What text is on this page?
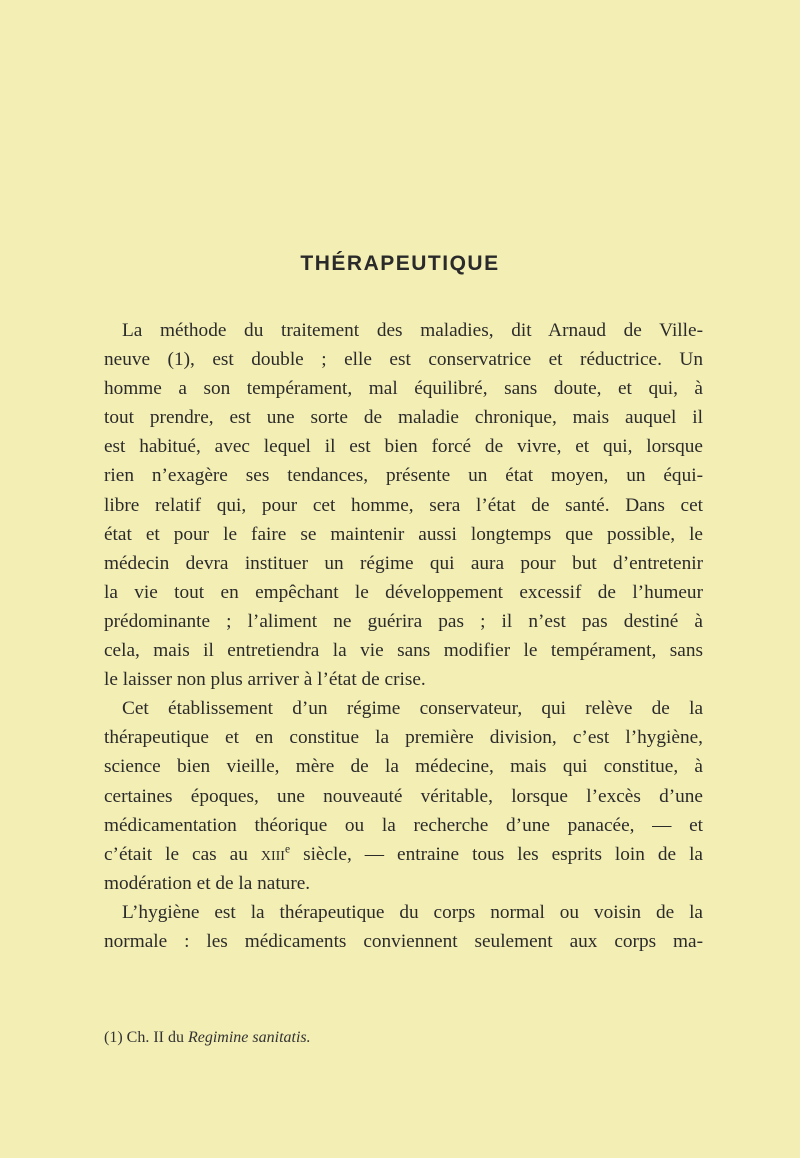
THÉRAPEUTIQUE
La méthode du traitement des maladies, dit Arnaud de Ville-
neuve (1), est double ; elle est conservatrice et réductrice. Un
homme a son tempérament, mal équilibré, sans doute, et qui, à
tout prendre, est une sorte de maladie chronique, mais auquel il
est habitué, avec lequel il est bien forcé de vivre, et qui, lorsque
rien n’exagère ses tendances, présente un état moyen, un équi-
libre relatif qui, pour cet homme, sera l’état de santé. Dans cet
état et pour le faire se maintenir aussi longtemps que possible, le
médecin devra instituer un régime qui aura pour but d’entretenir
la vie tout en empêchant le développement excessif de l’humeur
prédominante ; l’aliment ne guérira pas ; il n’est pas destiné à
cela, mais il entretiendra la vie sans modifier le tempérament, sans
le laisser non plus arriver à l’état de crise.
Cet établissement d’un régime conservateur, qui relève de la
thérapeutique et en constitue la première division, c’est l’hygiène,
science bien vieille, mère de la médecine, mais qui constitue, à
certaines époques, une nouveauté véritable, lorsque l’excès d’une
médicamentation théorique ou la recherche d’une panacée, — et
c’était le cas au xiii$^e$ siècle, — entraine tous les esprits loin de la
modération et de la nature.
L’hygiène est la thérapeutique du corps normal ou voisin de la
normale : les médicaments conviennent seulement aux corps ma-

(1) Ch. II du Regimine sanitatis.
